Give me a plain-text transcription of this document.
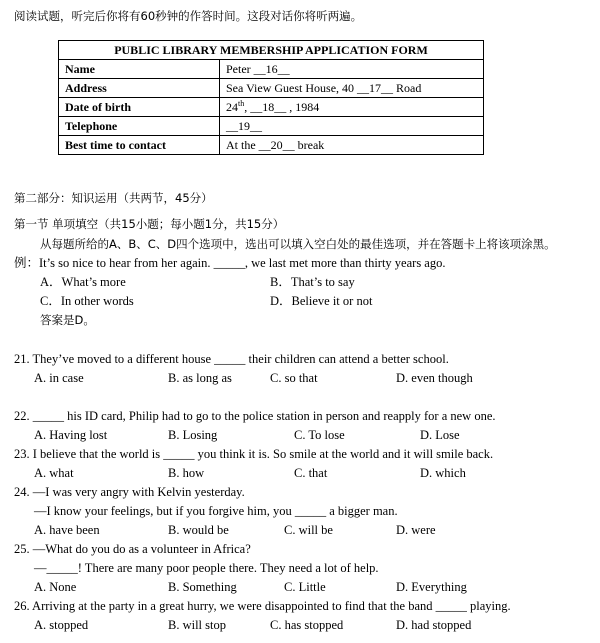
阅读试题，听完后你将有60秒钟的作答时间。这段对话你将听两遍。
PUBLIC LIBRARY MEMBERSHIP APPLICATION FORM	
Name	Peter __16__
Address	Sea View Guest House, 40 __17__ Road
Date of birth	24th, __18__ , 1984
Telephone	__19__
Best time to contact	At the __20__ break
第二部分：知识运用（共两节，45分）
第一节 单项填空（共15小题；每小题1分，共15分）
从每题所给的A、B、C、D四个选项中，选出可以填入空白处的最佳选项，并在答题卡上将该项涂黑。
例：It’s so nice to hear from her again. _____, we last met more than thirty years ago.
A．What’s more	B．That’s to say
C．In other words	D．Believe it or not
答案是D。
21. They’ve moved to a different house _____ their children can attend a better school.
A. in case	B. as long as	C. so that	D. even though
22. _____ his ID card, Philip had to go to the police station in person and reapply for a new one.
A. Having lost	B. Losing	C. To lose	D. Lose
23. I believe that the world is _____ you think it is. So smile at the world and it will smile back.
A. what	B. how	C. that	D. which
24. —I was very angry with Kelvin yesterday.
—I know your feelings, but if you forgive him, you _____ a bigger man.
A. have been	B. would be	C. will be	D. were
25. —What do you do as a volunteer in Africa?
—_____! There are many poor people there. They need a lot of help.
A. None	B. Something	C. Little	D. Everything
26. Arriving at the party in a great hurry, we were disappointed to find that the band _____ playing.
A. stopped	B. will stop	C. has stopped	D. had stopped
